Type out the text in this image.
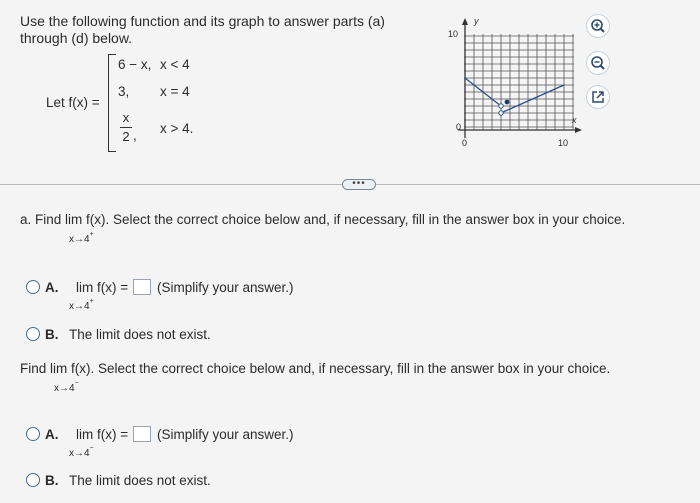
Use the following function and its graph to answer parts (a) through (d) below.
Let f(x) =
6 − x, x < 4
3, x = 4
x
2 , x > 4.
y
x
10
0
0	10
•••
a. Find lim f(x). Select the correct choice below and, if necessary, fill in the answer box in your choice.
x→4+
A. lim f(x) = (Simplify your answer.)
x→4+
B. The limit does not exist.
Find lim f(x). Select the correct choice below and, if necessary, fill in the answer box in your choice.
x→4−
A. lim f(x) = (Simplify your answer.)
x→4−
B. The limit does not exist.
